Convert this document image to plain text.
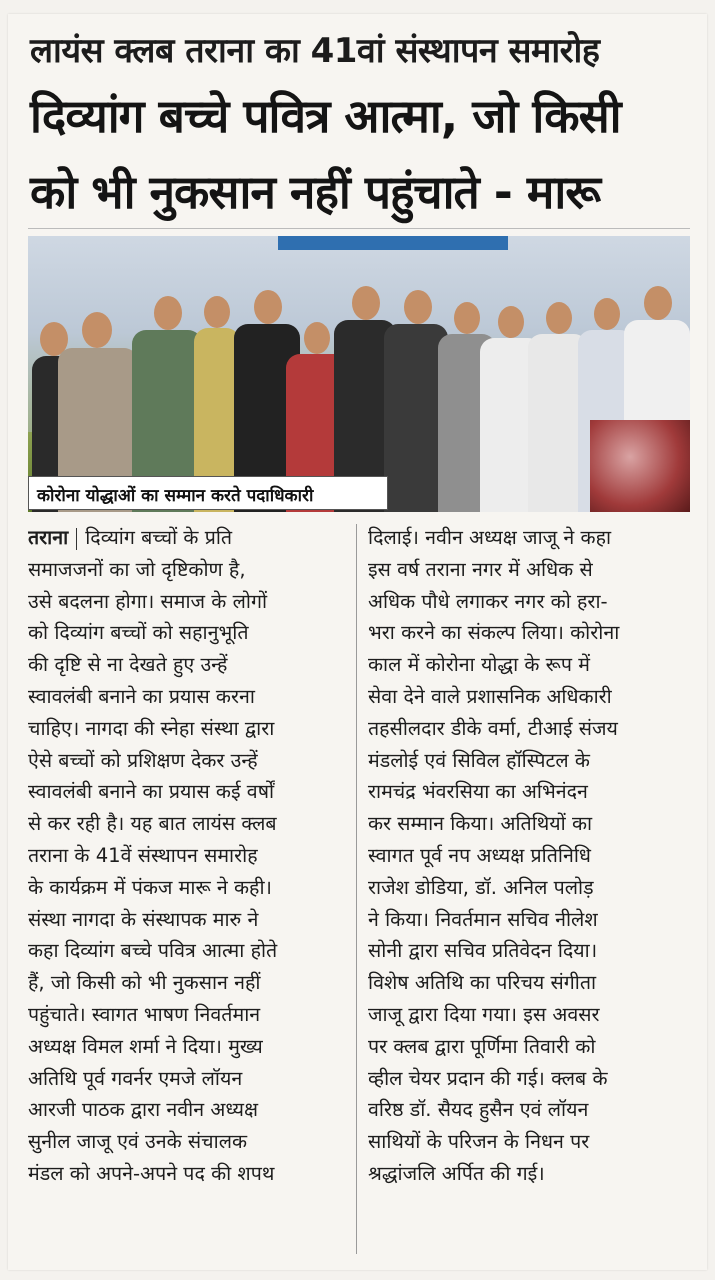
लायंस क्लब तराना का 41वां संस्थापन समारोह
दिव्यांग बच्चे पवित्र आत्मा, जो किसी
को भी नुकसान नहीं पहुंचाते - मारू
कोरोना योद्धाओं का सम्मान करते पदाधिकारी
तराना दिव्यांग बच्चों के प्रति
समाजजनों का जो दृष्टिकोण है,
उसे बदलना होगा। समाज के लोगों
को दिव्यांग बच्चों को सहानुभूति
की दृष्टि से ना देखते हुए उन्हें
स्वावलंबी बनाने का प्रयास करना
चाहिए। नागदा की स्नेहा संस्था द्वारा
ऐसे बच्चों को प्रशिक्षण देकर उन्हें
स्वावलंबी बनाने का प्रयास कई वर्षों
से कर रही है। यह बात लायंस क्लब
तराना के 41वें संस्थापन समारोह
के कार्यक्रम में पंकज मारू ने कही।
संस्था नागदा के संस्थापक मारु ने
कहा दिव्यांग बच्चे पवित्र आत्मा होते
हैं, जो किसी को भी नुकसान नहीं
पहुंचाते। स्वागत भाषण निवर्तमान
अध्यक्ष विमल शर्मा ने दिया। मुख्य
अतिथि पूर्व गवर्नर एमजे लॉयन
आरजी पाठक द्वारा नवीन अध्यक्ष
सुनील जाजू एवं उनके संचालक
मंडल को अपने-अपने पद की शपथ
दिलाई। नवीन अध्यक्ष जाजू ने कहा
इस वर्ष तराना नगर में अधिक से
अधिक पौधे लगाकर नगर को हरा-
भरा करने का संकल्प लिया। कोरोना
काल में कोरोना योद्धा के रूप में
सेवा देने वाले प्रशासनिक अधिकारी
तहसीलदार डीके वर्मा, टीआई संजय
मंडलोई एवं सिविल हॉस्पिटल के
रामचंद्र भंवरसिया का अभिनंदन
कर सम्मान किया। अतिथियों का
स्वागत पूर्व नप अध्यक्ष प्रतिनिधि
राजेश डोडिया, डॉ. अनिल पलोड़
ने किया। निवर्तमान सचिव नीलेश
सोनी द्वारा सचिव प्रतिवेदन दिया।
विशेष अतिथि का परिचय संगीता
जाजू द्वारा दिया गया। इस अवसर
पर क्लब द्वारा पूर्णिमा तिवारी को
व्हील चेयर प्रदान की गई। क्लब के
वरिष्ठ डॉ. सैयद हुसैन एवं लॉयन
साथियों के परिजन के निधन पर
श्रद्धांजलि अर्पित की गई।
